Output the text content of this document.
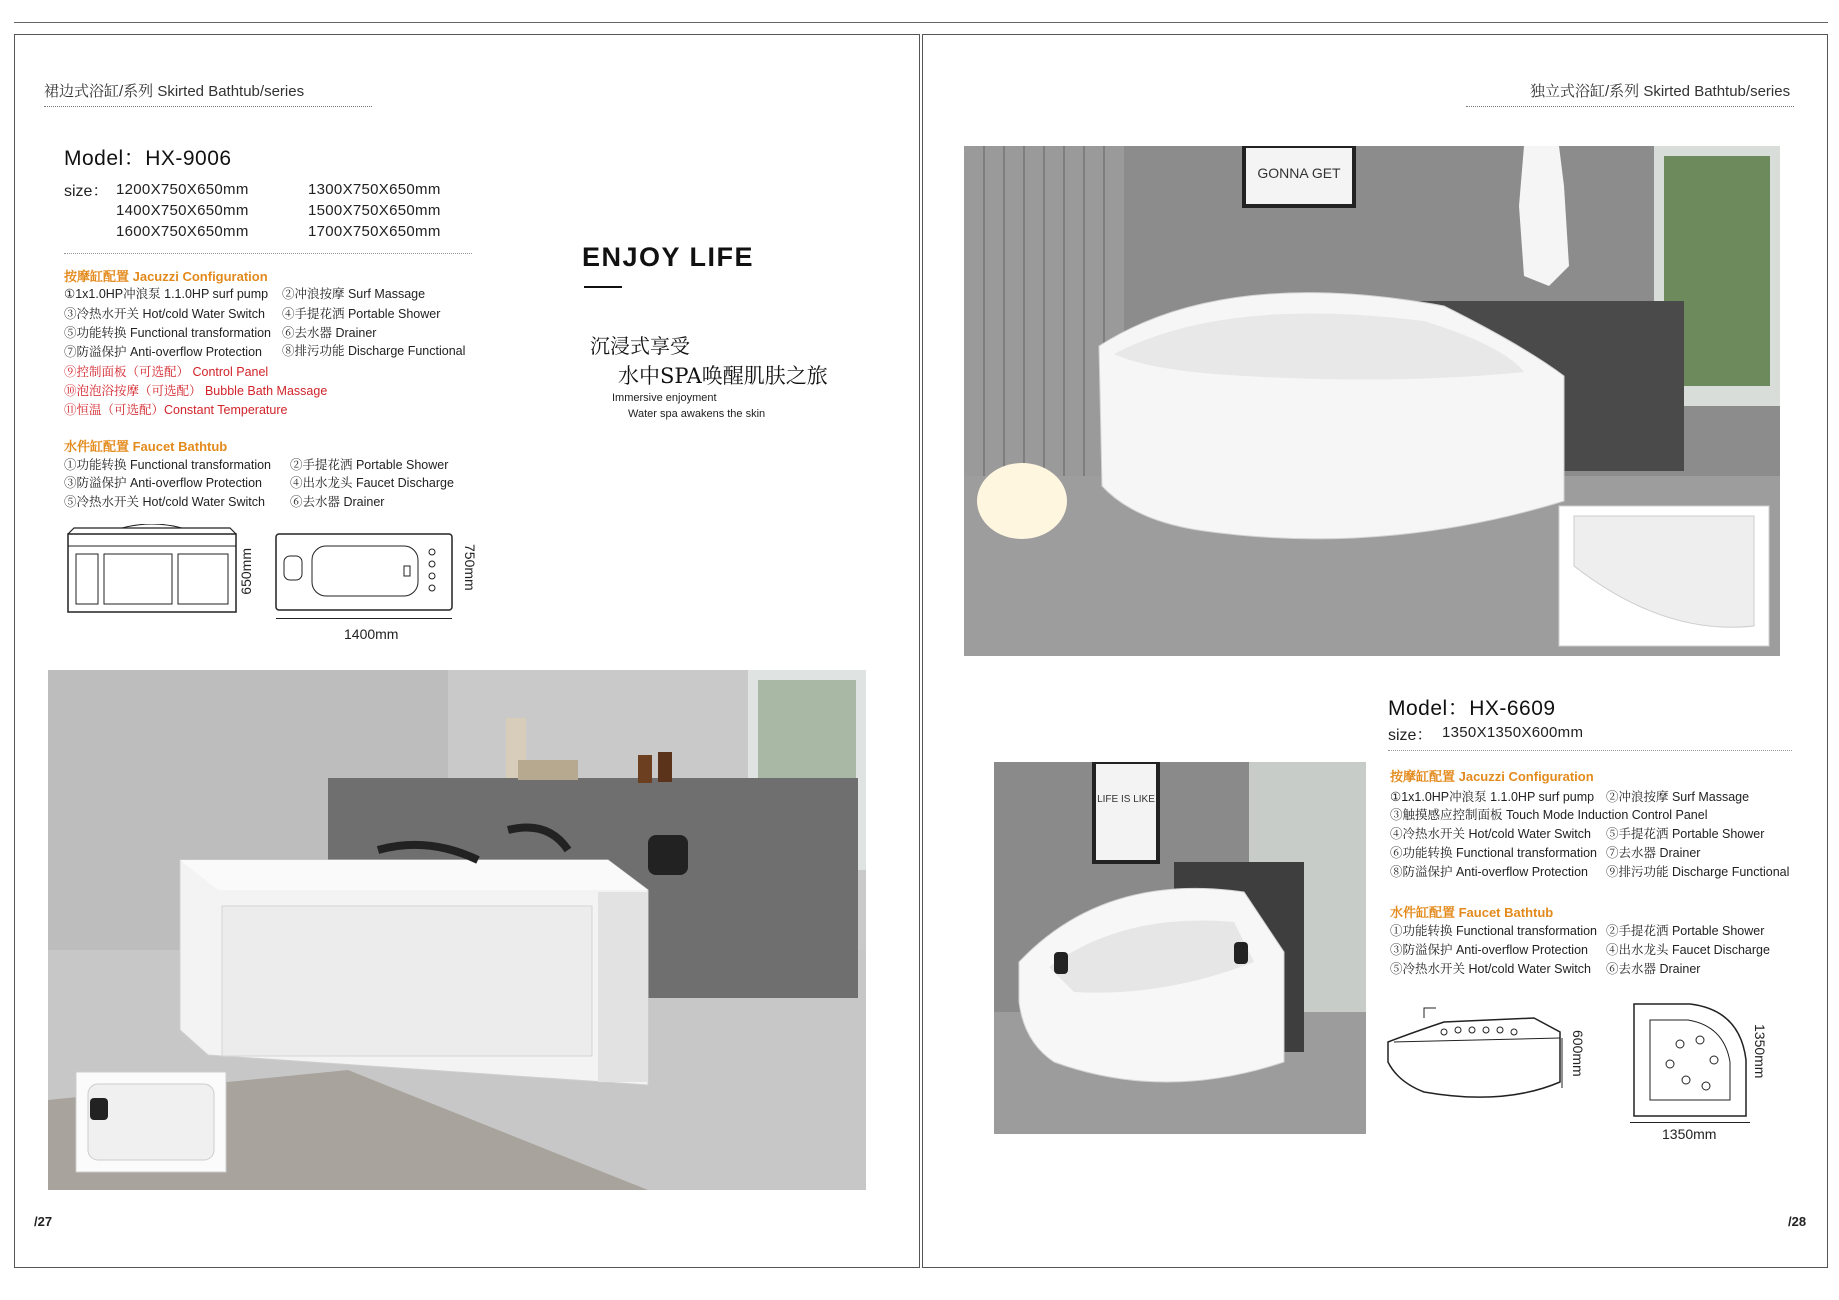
裙边式浴缸/系列 Skirted Bathtub/series
Model：HX-9006
size： 1200X750X650mm	1300X750X650mm
1400X750X650mm	1500X750X650mm
1600X750X650mm	1700X750X650mm
按摩缸配置 Jacuzzi Configuration
①1x1.0HP冲浪泵 1.1.0HP surf pump ②冲浪按摩 Surf Massage
③冷热水开关 Hot/cold Water Switch ④手提花洒 Portable Shower
⑤功能转换 Functional transformation ⑥去水器 Drainer
⑦防溢保护 Anti-overflow Protection ⑧排污功能 Discharge Functional
⑨控制面板（可选配） Control Panel
⑩泡泡浴按摩（可选配） Bubble Bath Massage
⑪恒温（可选配）Constant Temperature
水件缸配置 Faucet Bathtub
①功能转换 Functional transformation ②手提花洒 Portable Shower
③防溢保护 Anti-overflow Protection ④出水龙头 Faucet Discharge
⑤冷热水开关 Hot/cold Water Switch ⑥去水器 Drainer
650mm	750mm
1400mm
ENJOY LIFE
沉浸式享受
水中SPA唤醒肌肤之旅
Immersive enjoyment
Water spa awakens the skin
/27
独立式浴缸/系列 Skirted Bathtub/series
GONNA GET
Model：HX-6609
size： 1350X1350X600mm
LIFE IS LIKE
按摩缸配置 Jacuzzi Configuration
①1x1.0HP冲浪泵 1.1.0HP surf pump ②冲浪按摩 Surf Massage
③触摸感应控制面板 Touch Mode Induction Control Panel
④冷热水开关 Hot/cold Water Switch ⑤手提花洒 Portable Shower
⑥功能转换 Functional transformation ⑦去水器 Drainer
⑧防溢保护 Anti-overflow Protection ⑨排污功能 Discharge Functional
水件缸配置 Faucet Bathtub
①功能转换 Functional transformation ②手提花洒 Portable Shower
③防溢保护 Anti-overflow Protection ④出水龙头 Faucet Discharge
⑤冷热水开关 Hot/cold Water Switch ⑥去水器 Drainer
600mm	1350mm
1350mm
/28
